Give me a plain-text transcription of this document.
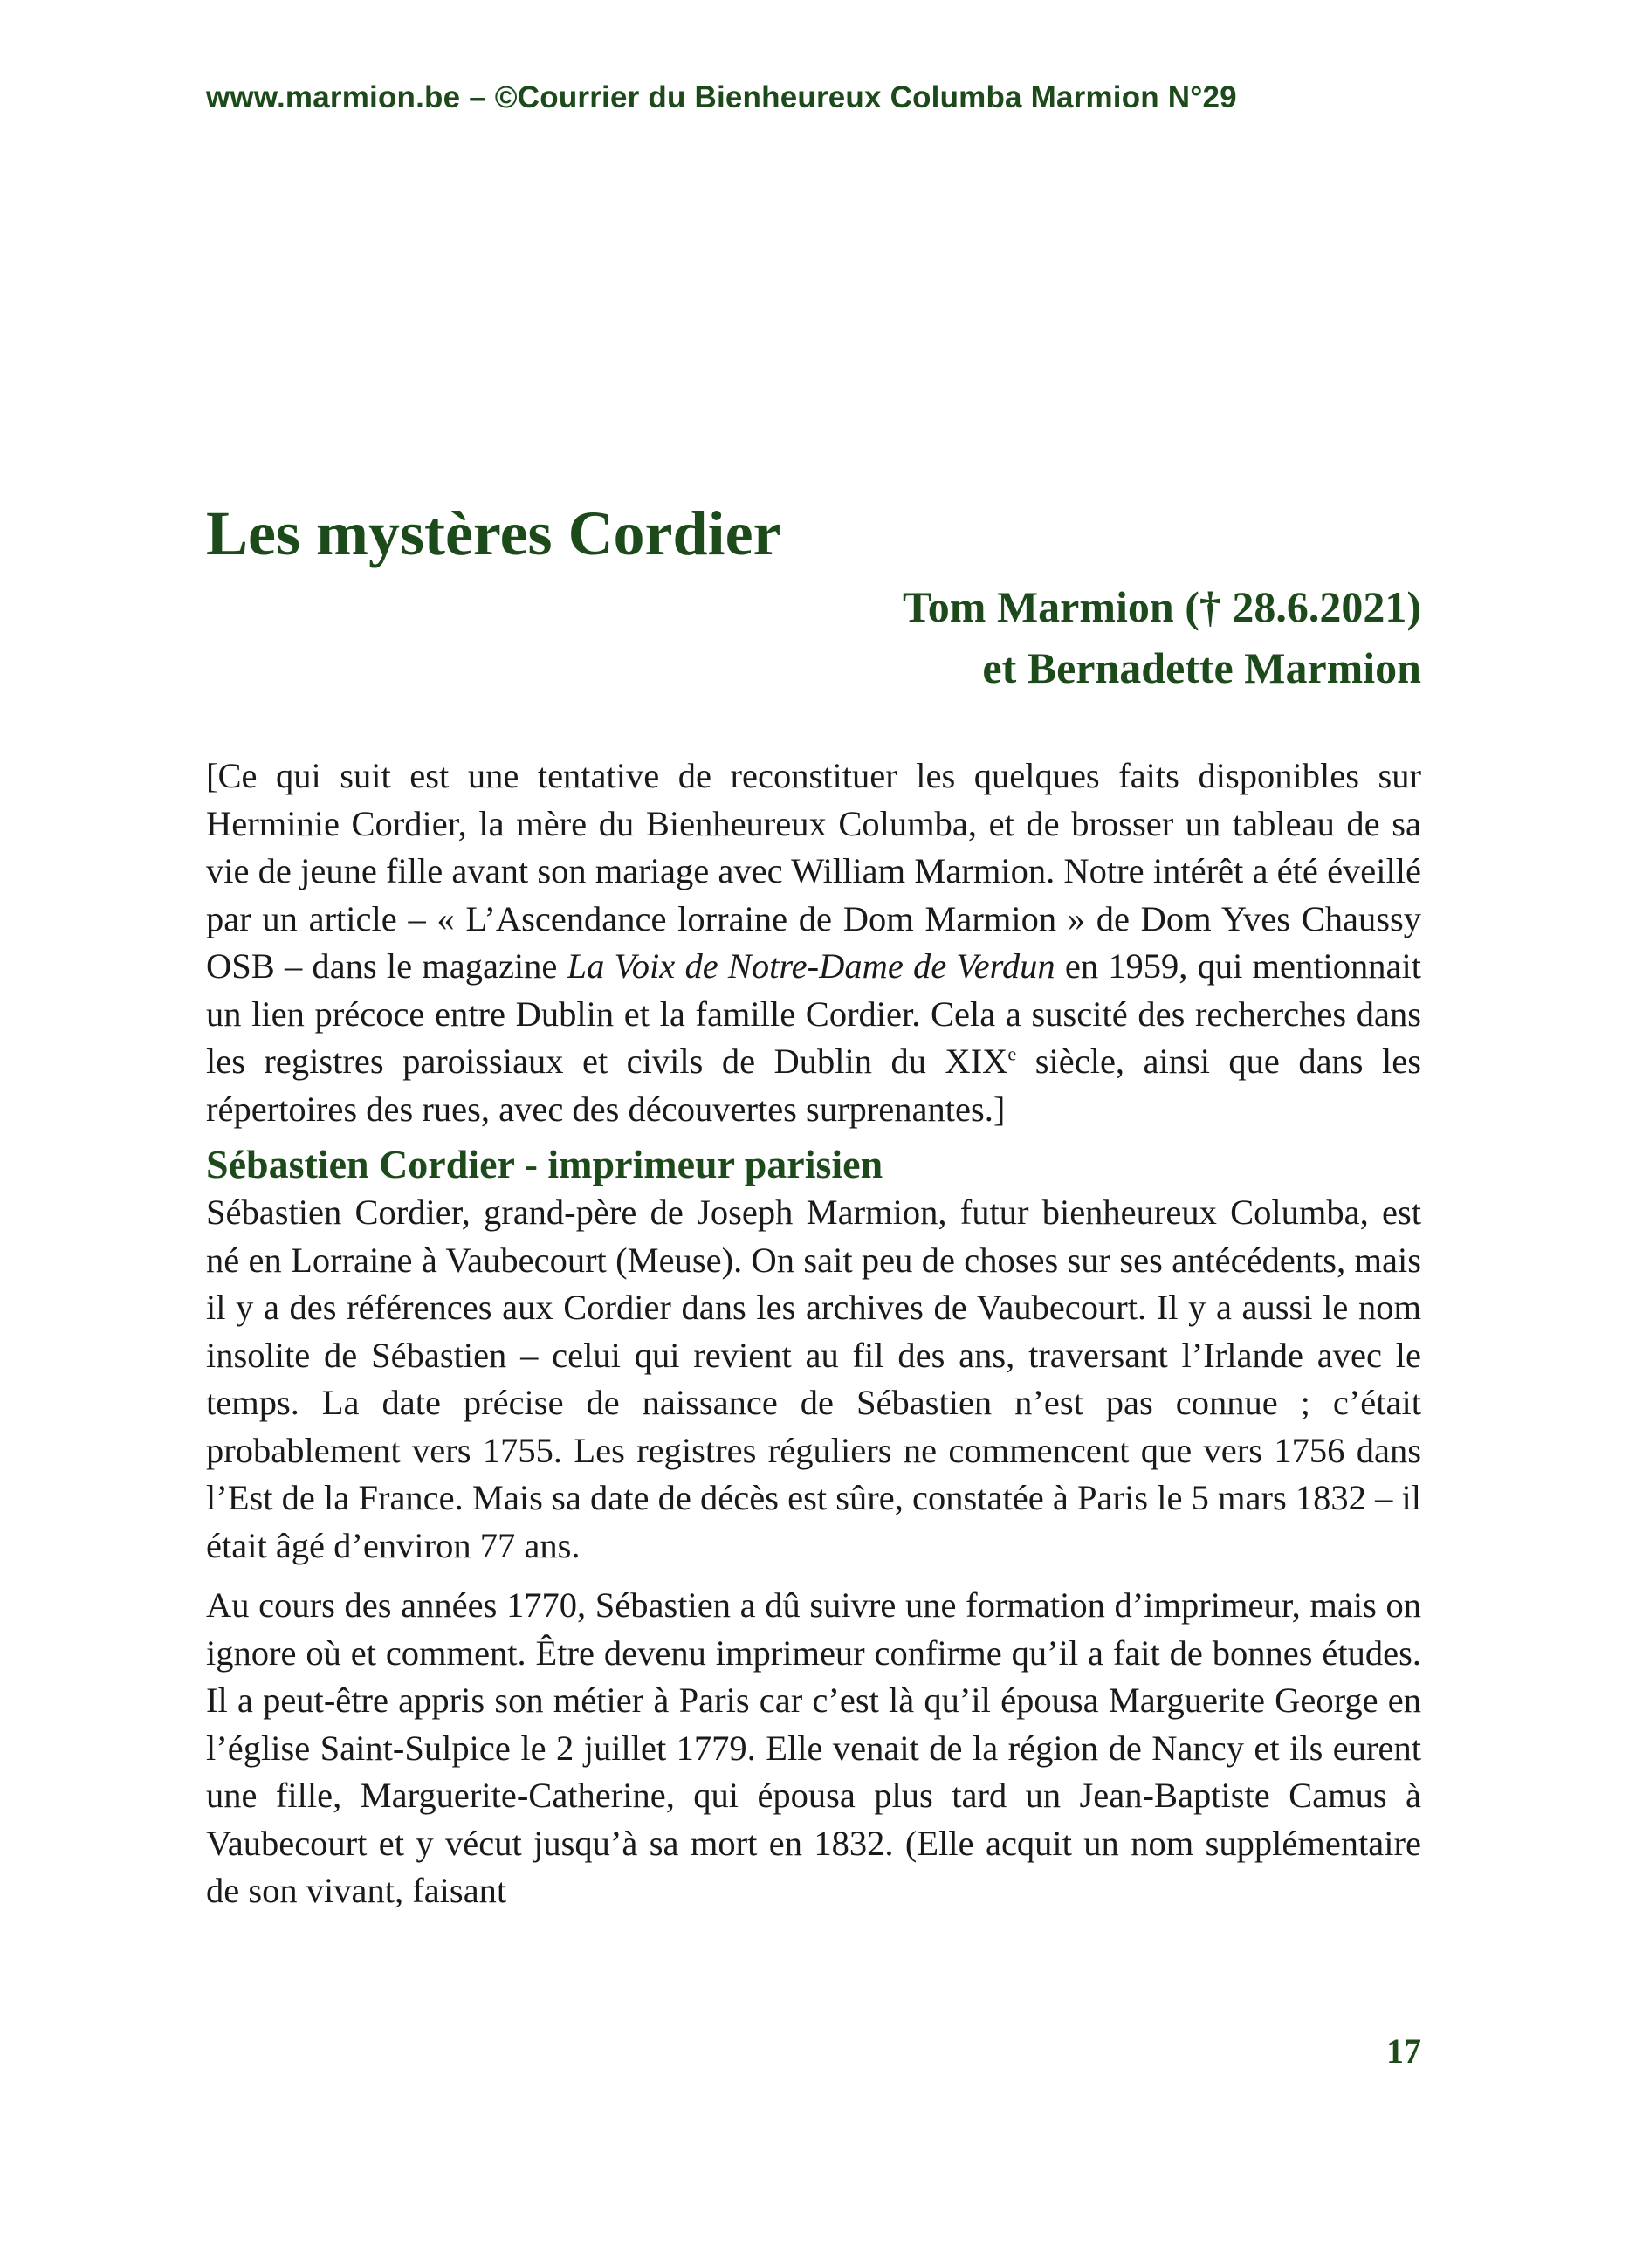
www.marmion.be – ©Courrier du Bienheureux Columba Marmion N°29
Les mystères Cordier
Tom Marmion († 28.6.2021)
et Bernadette Marmion

[Ce qui suit est une tentative de reconstituer les quelques faits disponibles sur Herminie Cordier, la mère du Bienheureux Columba, et de brosser un tableau de sa vie de jeune fille avant son mariage avec William Marmion. Notre intérêt a été éveillé par un article – « L’Ascendance lorraine de Dom Marmion » de Dom Yves Chaussy OSB – dans le magazine La Voix de Notre-Dame de Verdun en 1959, qui mentionnait un lien précoce entre Dublin et la famille Cordier. Cela a suscité des recherches dans les registres paroissiaux et civils de Dublin du XIXe siècle, ainsi que dans les répertoires des rues, avec des découvertes surprenantes.]

Sébastien Cordier - imprimeur parisien

Sébastien Cordier, grand-père de Joseph Marmion, futur bienheureux Columba, est né en Lorraine à Vaubecourt (Meuse). On sait peu de choses sur ses antécédents, mais il y a des références aux Cordier dans les archives de Vaubecourt. Il y a aussi le nom insolite de Sébastien – celui qui revient au fil des ans, traversant l’Irlande avec le temps. La date précise de naissance de Sébastien n’est pas connue ; c’était probablement vers 1755. Les registres réguliers ne commencent que vers 1756 dans l’Est de la France. Mais sa date de décès est sûre, constatée à Paris le 5 mars 1832 – il était âgé d’environ 77 ans.

Au cours des années 1770, Sébastien a dû suivre une formation d’imprimeur, mais on ignore où et comment. Être devenu imprimeur confirme qu’il a fait de bonnes études. Il a peut-être appris son métier à Paris car c’est là qu’il épousa Marguerite George en l’église Saint-Sulpice le 2 juillet 1779. Elle venait de la région de Nancy et ils eurent une fille, Marguerite-Catherine, qui épousa plus tard un Jean-Baptiste Camus à Vaubecourt et y vécut jusqu’à sa mort en 1832. (Elle acquit un nom supplémentaire de son vivant, faisant

17
